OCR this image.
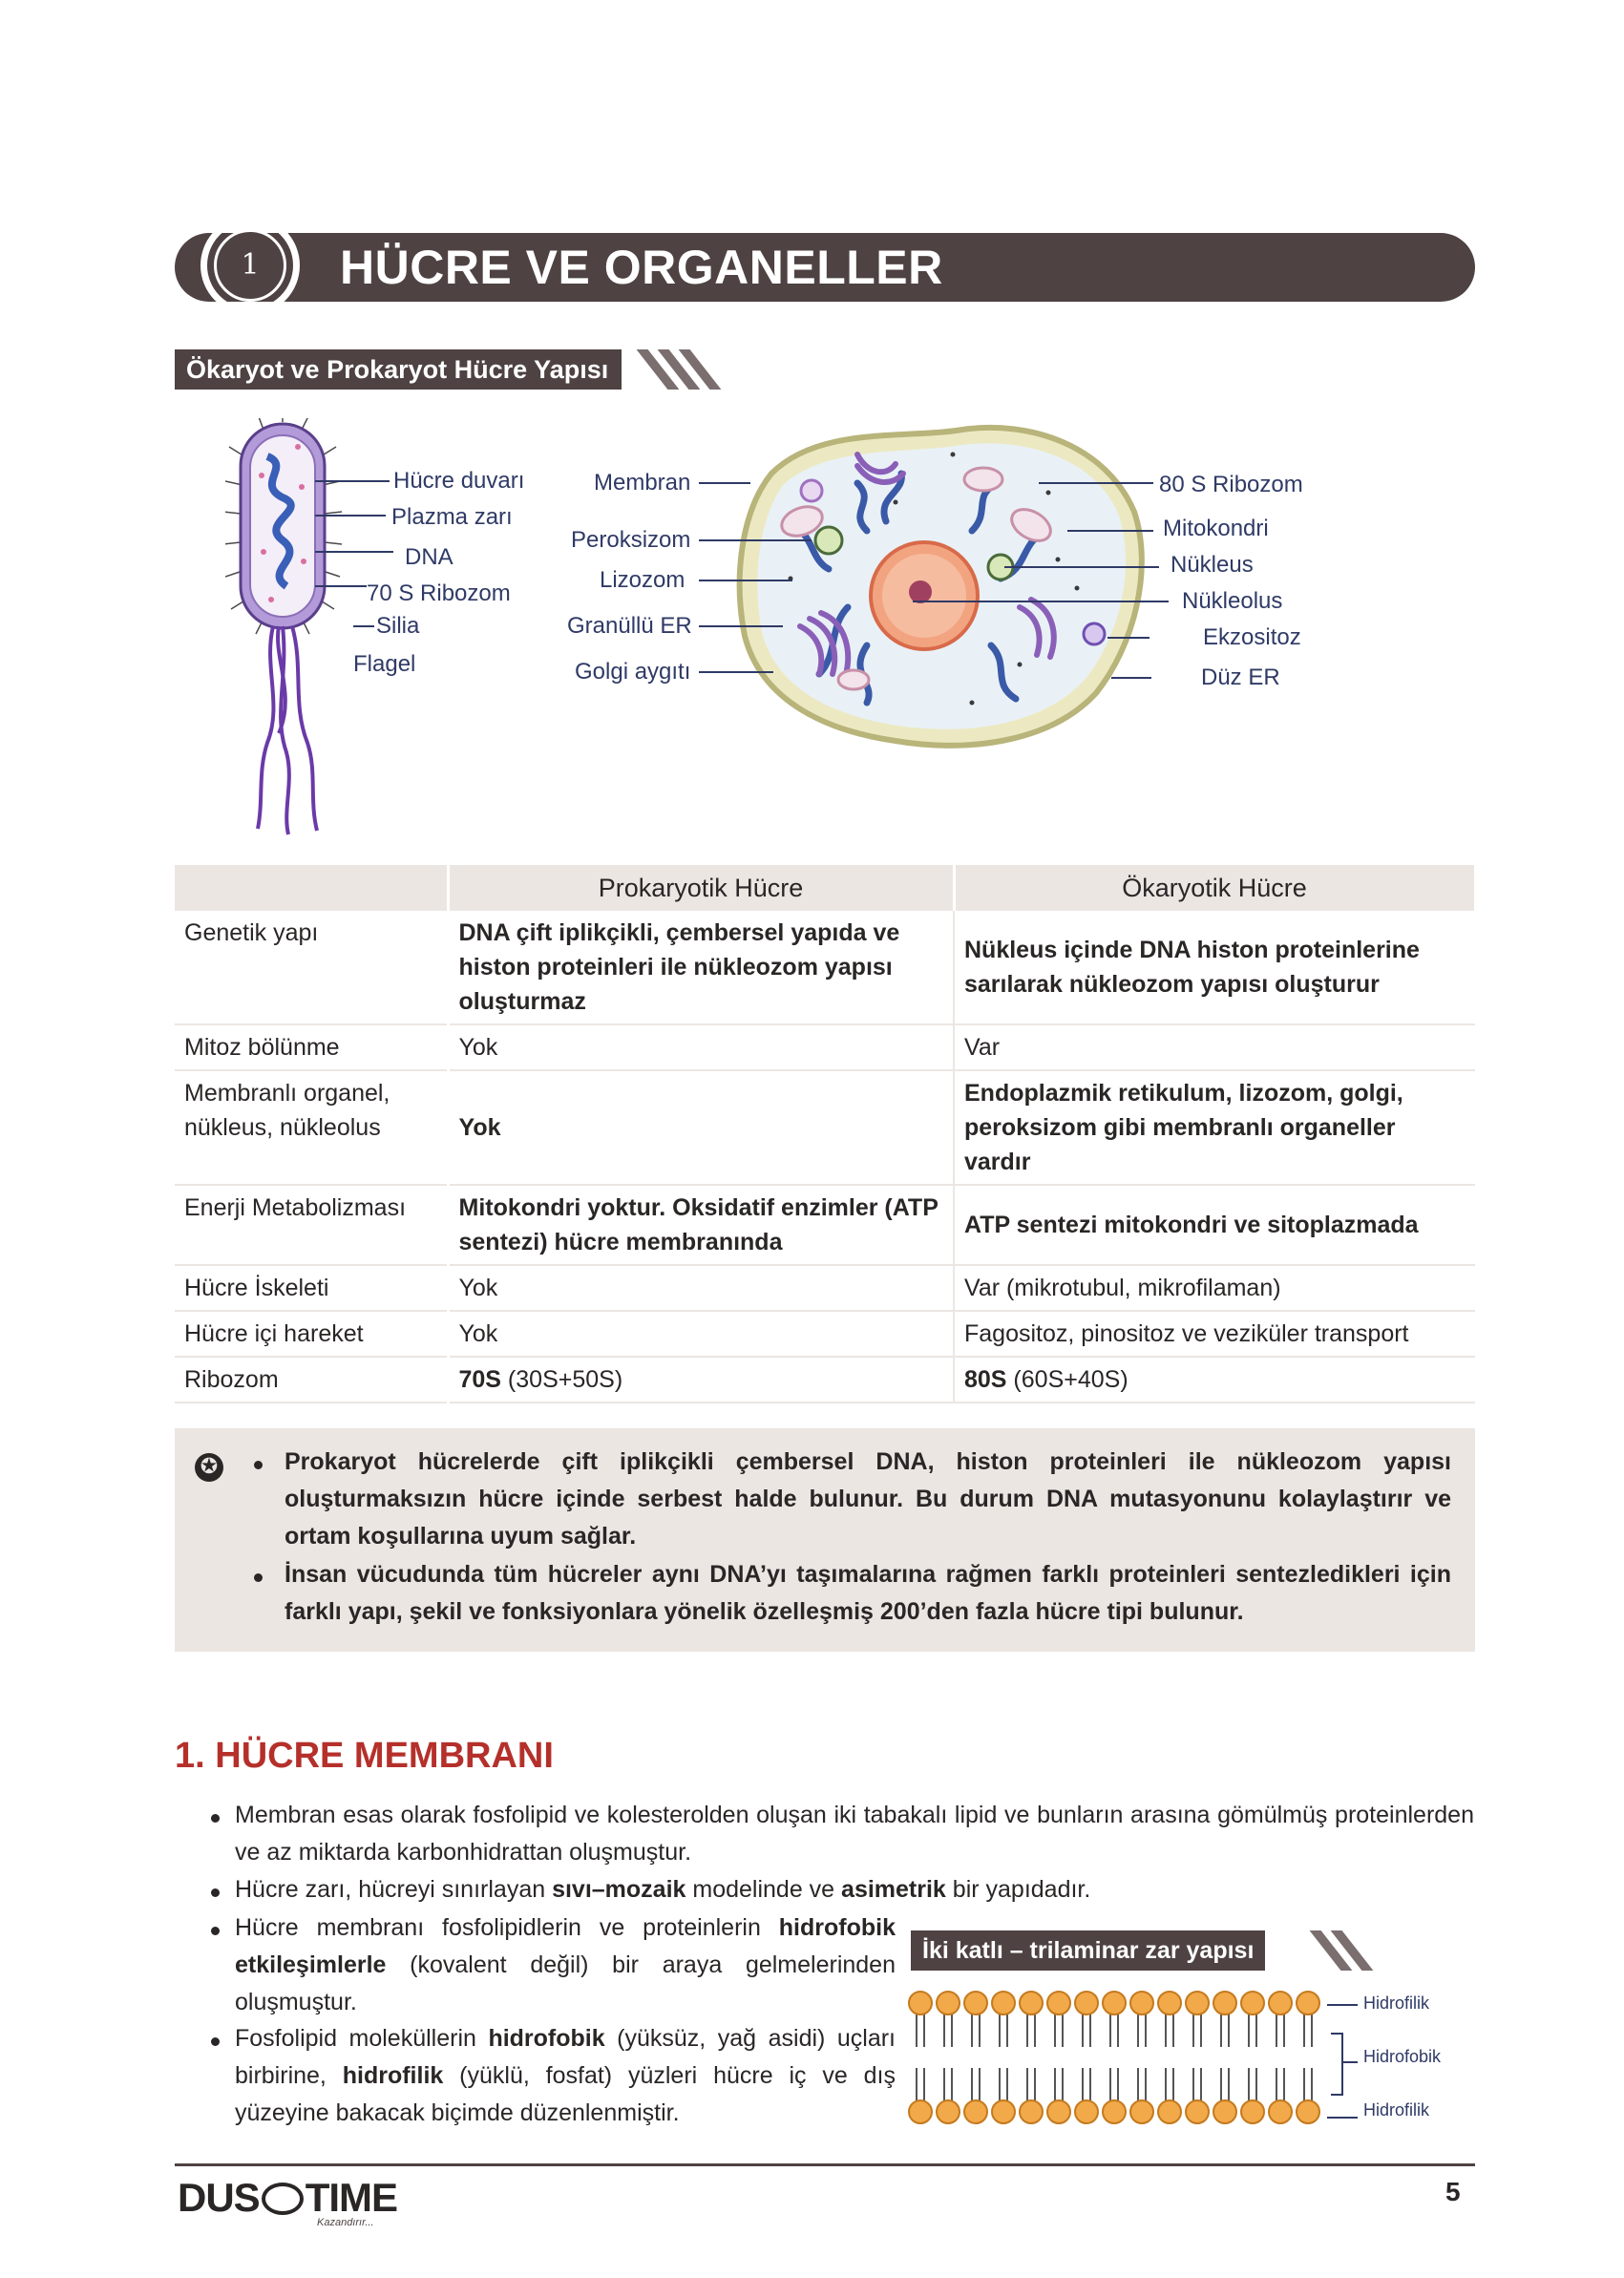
1	HÜCRE VE ORGANELLER
Ökaryot ve Prokaryot Hücre Yapısı
Hücre duvarı
Plazma zarı
DNA
70 S Ribozom
Silia
Flagel
Membran
Peroksizom
Lizozom
Granüllü ER
Golgi aygıtı
80 S Ribozom
Mitokondri
Nükleus
Nükleolus
Ekzositoz
Düz ER
	Prokaryotik Hücre	Ökaryotik Hücre
Genetik yapı	DNA çift iplikçikli, çembersel yapıda ve histon proteinleri ile nükleozom yapısı oluşturmaz	Nükleus içinde DNA histon proteinlerine sarılarak nükleozom yapısı oluşturur
Mitoz bölünme	Yok	Var
Membranlı organel, nükleus, nükleolus	Yok	Endoplazmik retikulum, lizozom, golgi, peroksizom gibi membranlı organeller vardır
Enerji Metabolizması	Mitokondri yoktur. Oksidatif enzimler (ATP sentezi) hücre membranında	ATP sentezi mitokondri ve sitoplazmada
Hücre İskeleti	Yok	Var (mikrotubul, mikrofilaman)
Hücre içi hareket	Yok	Fagositoz, pinositoz ve veziküler transport
Ribozom	70S (30S+50S)	80S (60S+40S)
✪	Prokaryot hücrelerde çift iplikçikli çembersel DNA, histon proteinleri ile nükleozom yapısı oluşturmaksızın hücre içinde serbest halde bulunur. Bu durum DNA mutasyonunu kolaylaştırır ve ortam koşullarına uyum sağlar.
İnsan vücudunda tüm hücreler aynı DNA’yı taşımalarına rağmen farklı proteinleri sentezledikleri için farklı yapı, şekil ve fonksiyonlara yönelik özelleşmiş 200’den fazla hücre tipi bulunur.
1. HÜCRE MEMBRANI
Membran esas olarak fosfolipid ve kolesterolden oluşan iki tabakalı lipid ve bunların arasına gömülmüş proteinlerden ve az miktarda karbonhidrattan oluşmuştur.
Hücre zarı, hücreyi sınırlayan sıvı–mozaik modelinde ve asimetrik bir yapıdadır.
Hücre membranı fosfolipidlerin ve proteinlerin hidrofobik etkileşimlerle (kovalent değil) bir araya gelmelerinden oluşmuştur.
Fosfolipid moleküllerin hidrofobik (yüksüz, yağ asidi) uçları birbirine, hidrofilik (yüklü, fosfat) yüzleri hücre iç ve dış yüzeyine bakacak biçimde düzenlenmiştir.
İki katlı – trilaminar zar yapısı
Hidrofilik
Hidrofobik
Hidrofilik
DUS TIME
Kazandırır...
5
